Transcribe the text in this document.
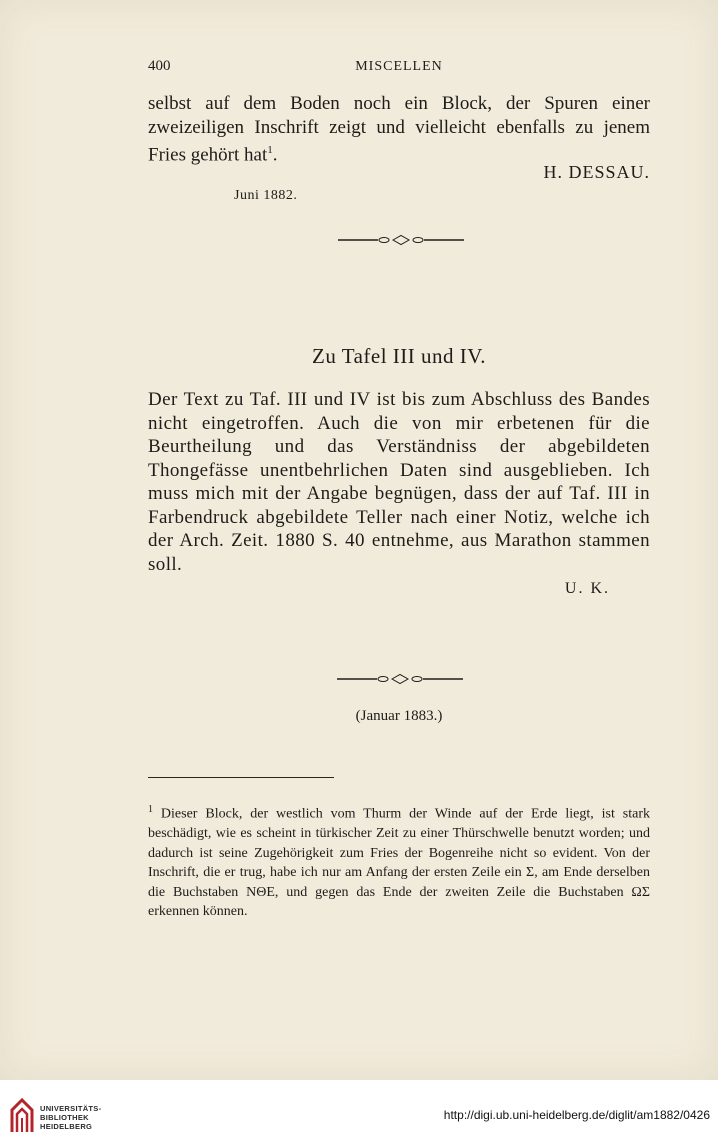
400	MISCELLEN

selbst auf dem Boden noch ein Block, der Spuren einer zweizeiligen Inschrift zeigt und vielleicht ebenfalls zu jenem Fries gehört hat$^1$.

H. DESSAU.
Juni 1882.
Zu Tafel III und IV.

Der Text zu Taf. III und IV ist bis zum Abschluss des Bandes nicht eingetroffen. Auch die von mir erbetenen für die Beurtheilung und das Verständniss der abgebildeten Thongefässe unentbehrlichen Daten sind ausgeblieben. Ich muss mich mit der Angabe begnügen, dass der auf Taf. III in Farbendruck abgebildete Teller nach einer Notiz, welche ich der Arch. Zeit. 1880 S. 40 entnehme, aus Marathon stammen soll.

U. K.
(Januar 1883.)

$^1$ Dieser Block, der westlich vom Thurm der Winde auf der Erde liegt, ist stark beschädigt, wie es scheint in türkischer Zeit zu einer Thürschwelle benutzt worden; und dadurch ist seine Zugehörigkeit zum Fries der Bogenreihe nicht so evident. Von der Inschrift, die er trug, habe ich nur am Anfang der ersten Zeile ein Σ, am Ende derselben die Buchstaben ΝΘΕ, und gegen das Ende der zweiten Zeile die Buchstaben ΩΣ erkennen können.

UNIVERSITÄTS-
BIBLIOTHEK
HEIDELBERG
http://digi.ub.uni-heidelberg.de/diglit/am1882/0426
